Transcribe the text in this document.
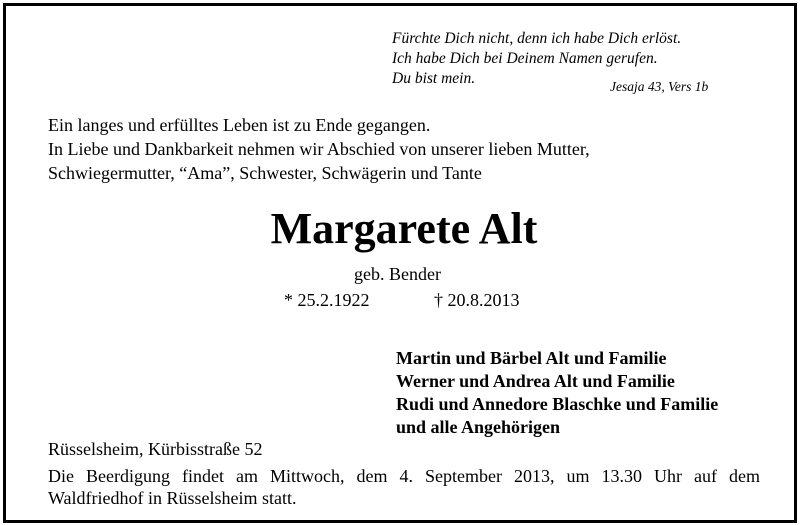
Fürchte Dich nicht, denn ich habe Dich erlöst.
Ich habe Dich bei Deinem Namen gerufen.
Du bist mein.	Jesaja 43, Vers 1b
Ein langes und erfülltes Leben ist zu Ende gegangen.
In Liebe und Dankbarkeit nehmen wir Abschied von unserer lieben Mutter,
Schwiegermutter, “Ama”, Schwester, Schwägerin und Tante
Margarete Alt
geb. Bender
* 25.2.1922	† 20.8.2013
Martin und Bärbel Alt und Familie
Werner und Andrea Alt und Familie
Rudi und Annedore Blaschke und Familie
und alle Angehörigen
Rüsselsheim, Kürbisstraße 52
Die Beerdigung findet am Mittwoch, dem 4. September 2013, um 13.30 Uhr auf dem
Waldfriedhof in Rüsselsheim statt.
